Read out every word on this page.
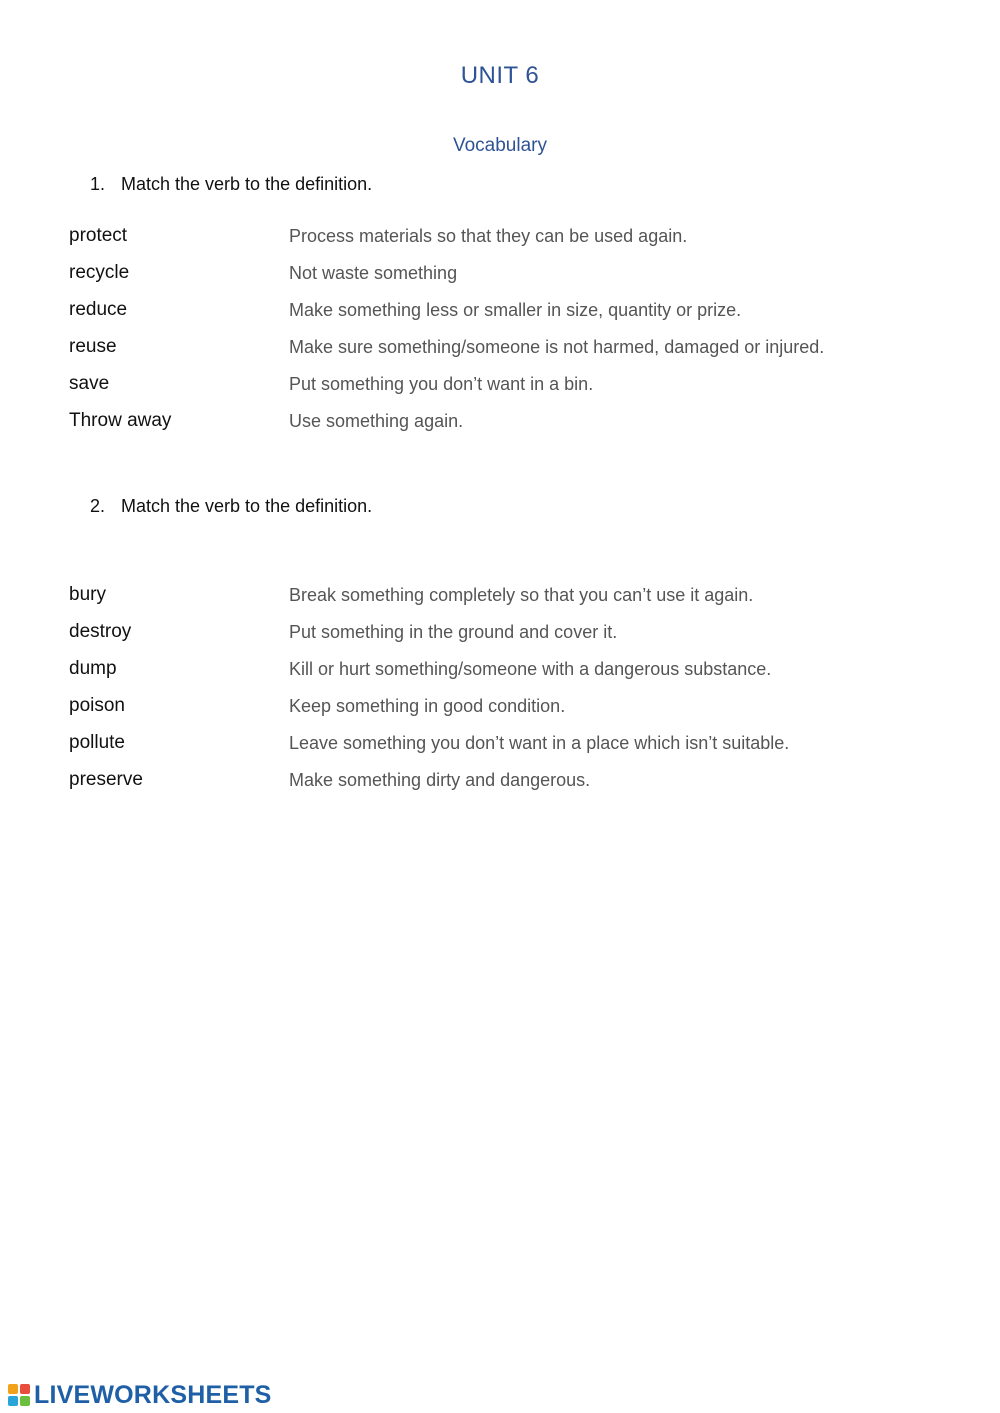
UNIT 6
Vocabulary
1. Match the verb to the definition.
protect	Process materials so that they can be used again.
recycle	Not waste something
reduce	Make something less or smaller in size, quantity or prize.
reuse	Make sure something/someone is not harmed, damaged or injured.
save	Put something you don’t want in a bin.
Throw away	Use something again.
2. Match the verb to the definition.
bury	Break something completely so that you can’t use it again.
destroy	Put something in the ground and cover it.
dump	Kill or hurt something/someone with a dangerous substance.
poison	Keep something in good condition.
pollute	Leave something you don’t want in a place which isn’t suitable.
preserve	Make something dirty and dangerous.
LIVEWORKSHEETS
